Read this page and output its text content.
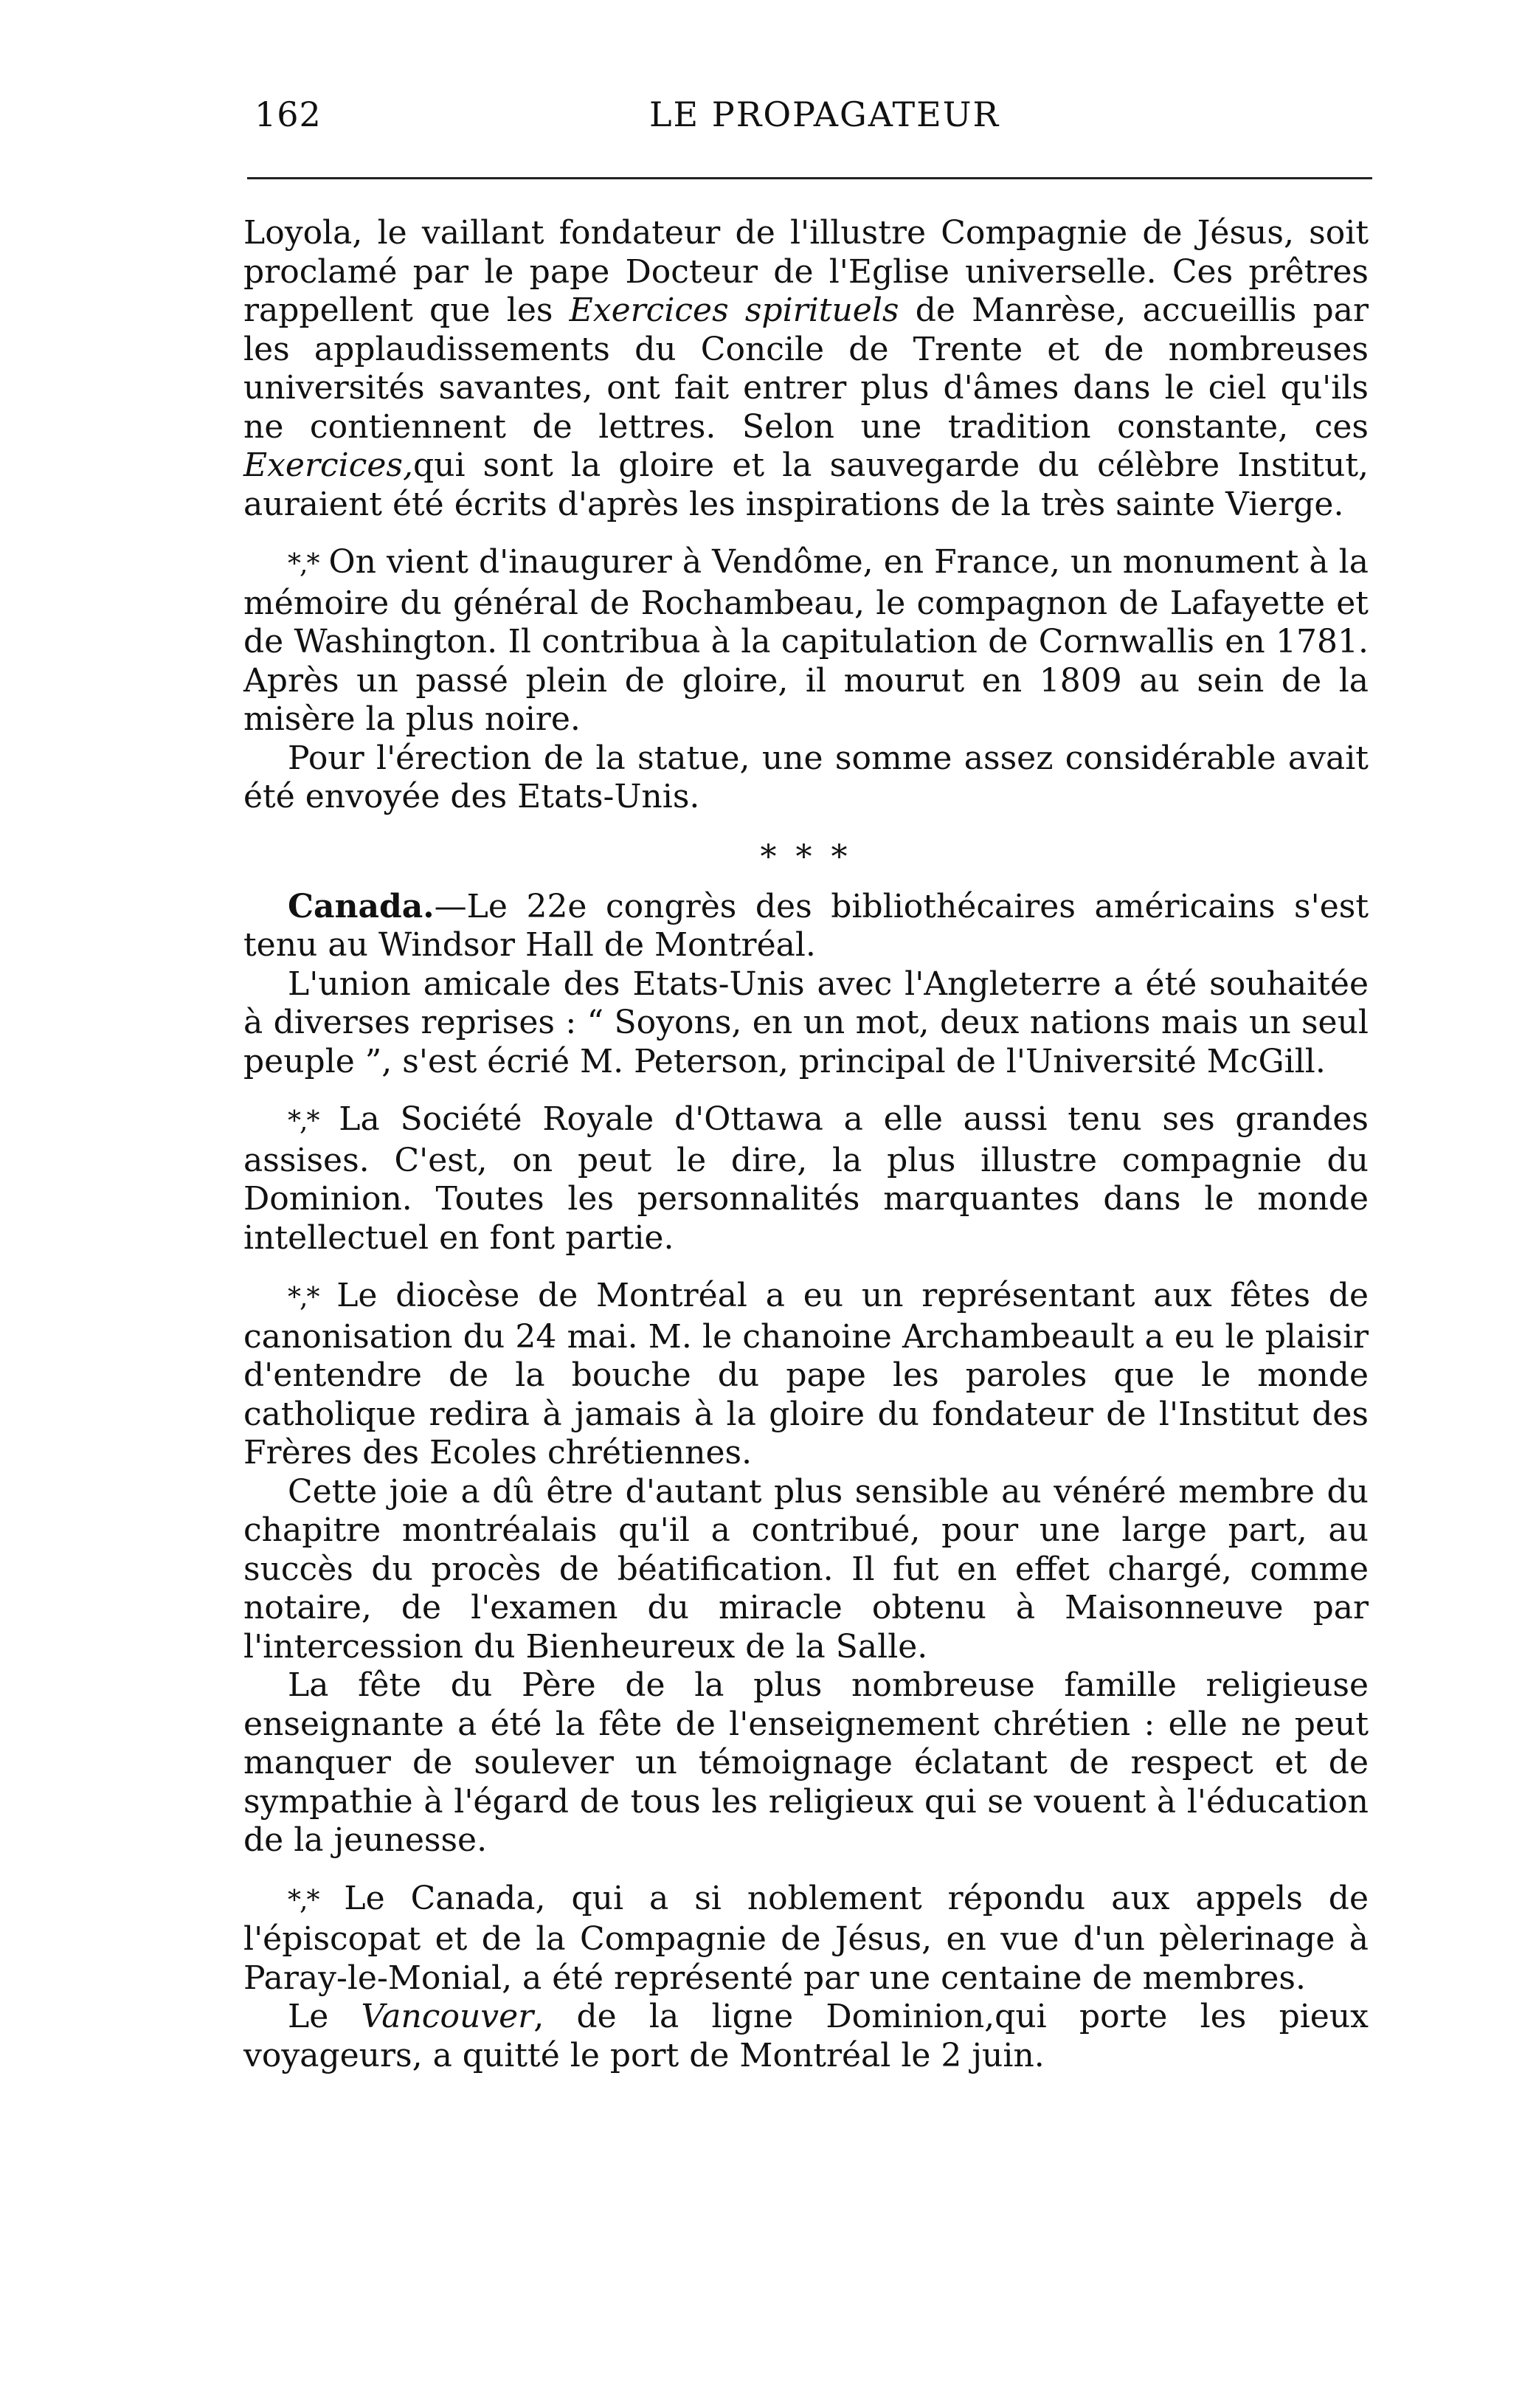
162	LE PROPAGATEUR

Loyola, le vaillant fondateur de l'illustre Compagnie de Jésus, soit proclamé par le pape Docteur de l'Eglise universelle. Ces prêtres rappellent que les Exercices spirituels de Manrèse, accueillis par les applaudissements du Concile de Trente et de nombreuses universités savantes, ont fait entrer plus d'âmes dans le ciel qu'ils ne contiennent de lettres. Selon une tradition constante, ces Exercices,qui sont la gloire et la sauvegarde du célèbre Institut, auraient été écrits d'après les inspirations de la très sainte Vierge.

*,* On vient d'inaugurer à Vendôme, en France, un monument à la mémoire du général de Rochambeau, le compagnon de Lafayette et de Washington. Il contribua à la capitulation de Cornwallis en 1781. Après un passé plein de gloire, il mourut en 1809 au sein de la misère la plus noire.

Pour l'érection de la statue, une somme assez considérable avait été envoyée des Etats-Unis.

* * *

Canada.—Le 22e congrès des bibliothécaires américains s'est tenu au Windsor Hall de Montréal.

L'union amicale des Etats-Unis avec l'Angleterre a été souhaitée à diverses reprises : “ Soyons, en un mot, deux nations mais un seul peuple ”, s'est écrié M. Peterson, principal de l'Université McGill.

*,* La Société Royale d'Ottawa a elle aussi tenu ses grandes assises. C'est, on peut le dire, la plus illustre compagnie du Dominion. Toutes les personnalités marquantes dans le monde intellectuel en font partie.

*,* Le diocèse de Montréal a eu un représentant aux fêtes de canonisation du 24 mai. M. le chanoine Archambeault a eu le plaisir d'entendre de la bouche du pape les paroles que le monde catholique redira à jamais à la gloire du fondateur de l'Institut des Frères des Ecoles chrétiennes.

Cette joie a dû être d'autant plus sensible au vénéré membre du chapitre montréalais qu'il a contribué, pour une large part, au succès du procès de béatification. Il fut en effet chargé, comme notaire, de l'examen du miracle obtenu à Maisonneuve par l'intercession du Bienheureux de la Salle.

La fête du Père de la plus nombreuse famille religieuse enseignante a été la fête de l'enseignement chrétien : elle ne peut manquer de soulever un témoignage éclatant de respect et de sympathie à l'égard de tous les religieux qui se vouent à l'éducation de la jeunesse.

*,* Le Canada, qui a si noblement répondu aux appels de l'épiscopat et de la Compagnie de Jésus, en vue d'un pèlerinage à Paray-le-Monial, a été représenté par une centaine de membres.

Le Vancouver, de la ligne Dominion,qui porte les pieux voyageurs, a quitté le port de Montréal le 2 juin.
